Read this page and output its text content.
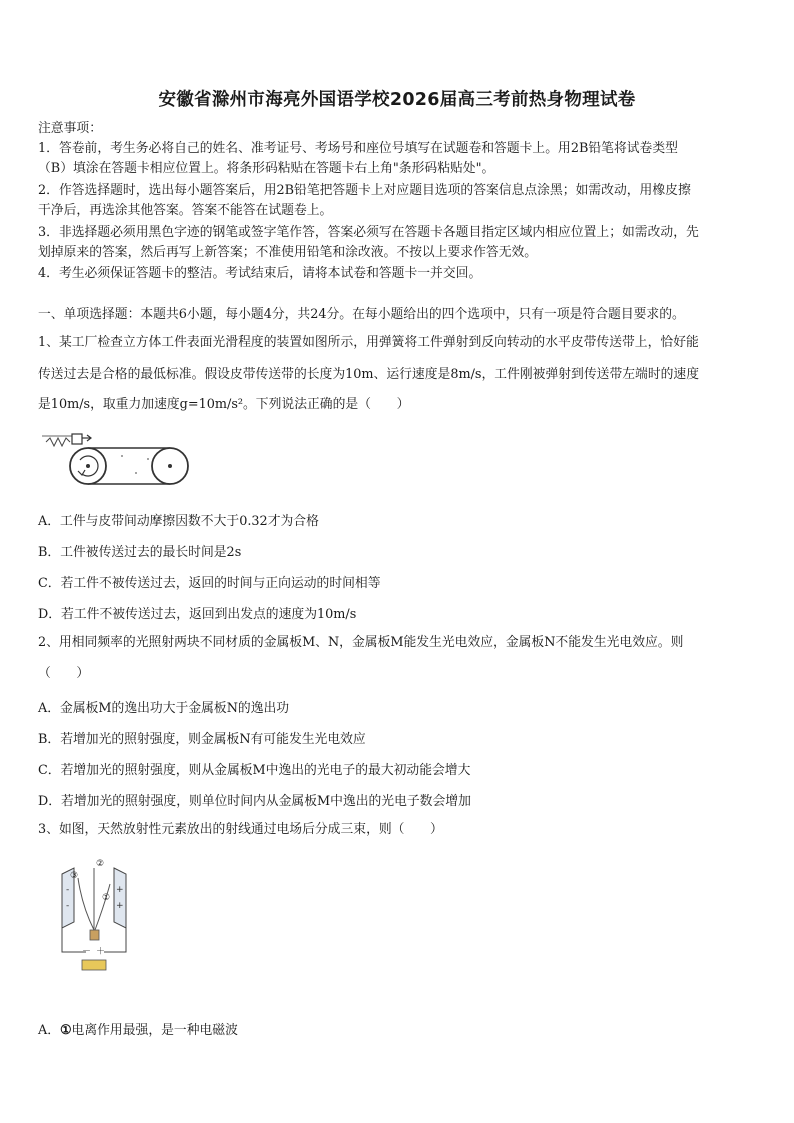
安徽省滁州市海亮外国语学校2026届高三考前热身物理试卷
注意事项：
1．答卷前，考生务必将自己的姓名、准考证号、考场号和座位号填写在试题卷和答题卡上。用2B铅笔将试卷类型
（B）填涂在答题卡相应位置上。将条形码粘贴在答题卡右上角"条形码粘贴处"。
2．作答选择题时，选出每小题答案后，用2B铅笔把答题卡上对应题目选项的答案信息点涂黑；如需改动，用橡皮擦
干净后，再选涂其他答案。答案不能答在试题卷上。
3．非选择题必须用黑色字迹的钢笔或签字笔作答，答案必须写在答题卡各题目指定区域内相应位置上；如需改动，先
划掉原来的答案，然后再写上新答案；不准使用铅笔和涂改液。不按以上要求作答无效。
4．考生必须保证答题卡的整洁。考试结束后，请将本试卷和答题卡一并交回。
一、单项选择题：本题共6小题，每小题4分，共24分。在每小题给出的四个选项中，只有一项是符合题目要求的。
1、某工厂检查立方体工件表面光滑程度的装置如图所示，用弹簧将工件弹射到反向转动的水平皮带传送带上，恰好能
传送过去是合格的最低标准。假设皮带传送带的长度为10m、运行速度是8m/s，工件刚被弹射到传送带左端时的速度
是10m/s，取重力加速度g=10m/s²。下列说法正确的是（　　）
A．工件与皮带间动摩擦因数不大于0.32才为合格
B．工件被传送过去的最长时间是2s
C．若工件不被传送过去，返回的时间与正向运动的时间相等
D．若工件不被传送过去，返回到出发点的速度为10m/s
2、用相同频率的光照射两块不同材质的金属板M、N，金属板M能发生光电效应，金属板N不能发生光电效应。则
（　　）
A．金属板M的逸出功大于金属板N的逸出功
B．若增加光的照射强度，则金属板N有可能发生光电效应
C．若增加光的照射强度，则从金属板M中逸出的光电子的最大初动能会增大
D．若增加光的照射强度，则单位时间内从金属板M中逸出的光电子数会增加
3、如图，天然放射性元素放出的射线通过电场后分成三束，则（　　）
-
-
+
+
③
②
①
－ ＋
A．①电离作用最强，是一种电磁波
